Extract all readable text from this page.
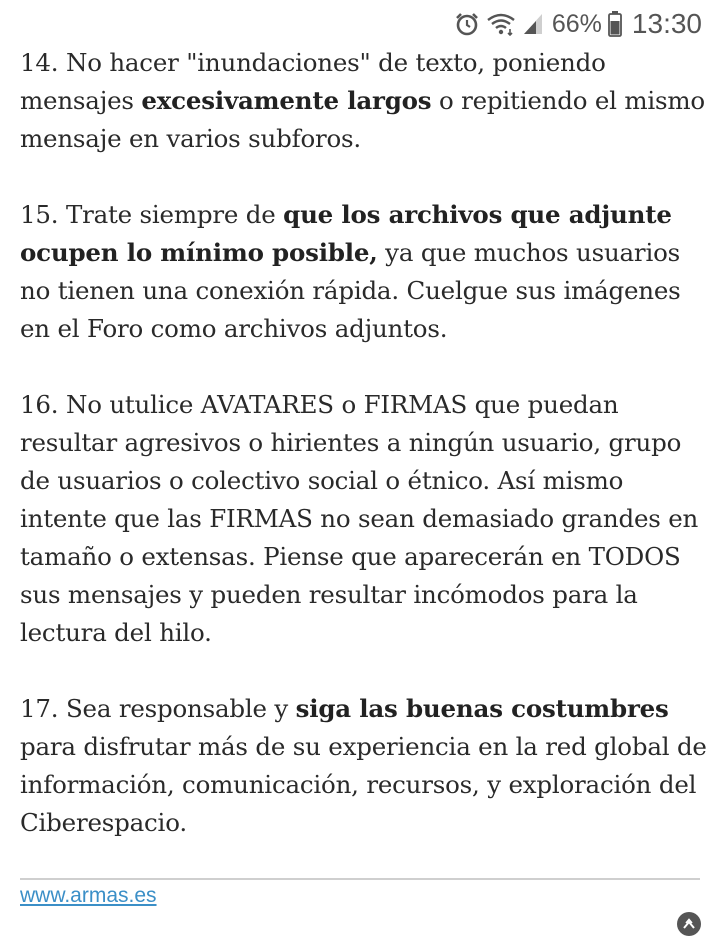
66% 13:30

14. No hacer "inundaciones" de texto, poniendo mensajes excesivamente largos o repitiendo el mismo mensaje en varios subforos.

15. Trate siempre de que los archivos que adjunte ocupen lo mínimo posible, ya que muchos usuarios no tienen una conexión rápida. Cuelgue sus imágenes en el Foro como archivos adjuntos.

16. No utulice AVATARES o FIRMAS que puedan resultar agresivos o hirientes a ningún usuario, grupo de usuarios o colectivo social o étnico. Así mismo intente que las FIRMAS no sean demasiado grandes en tamaño o extensas. Piense que aparecerán en TODOS sus mensajes y pueden resultar incómodos para la lectura del hilo.

17. Sea responsable y siga las buenas costumbres para disfrutar más de su experiencia en la red global de información, comunicación, recursos, y exploración del Ciberespacio.

www.armas.es
